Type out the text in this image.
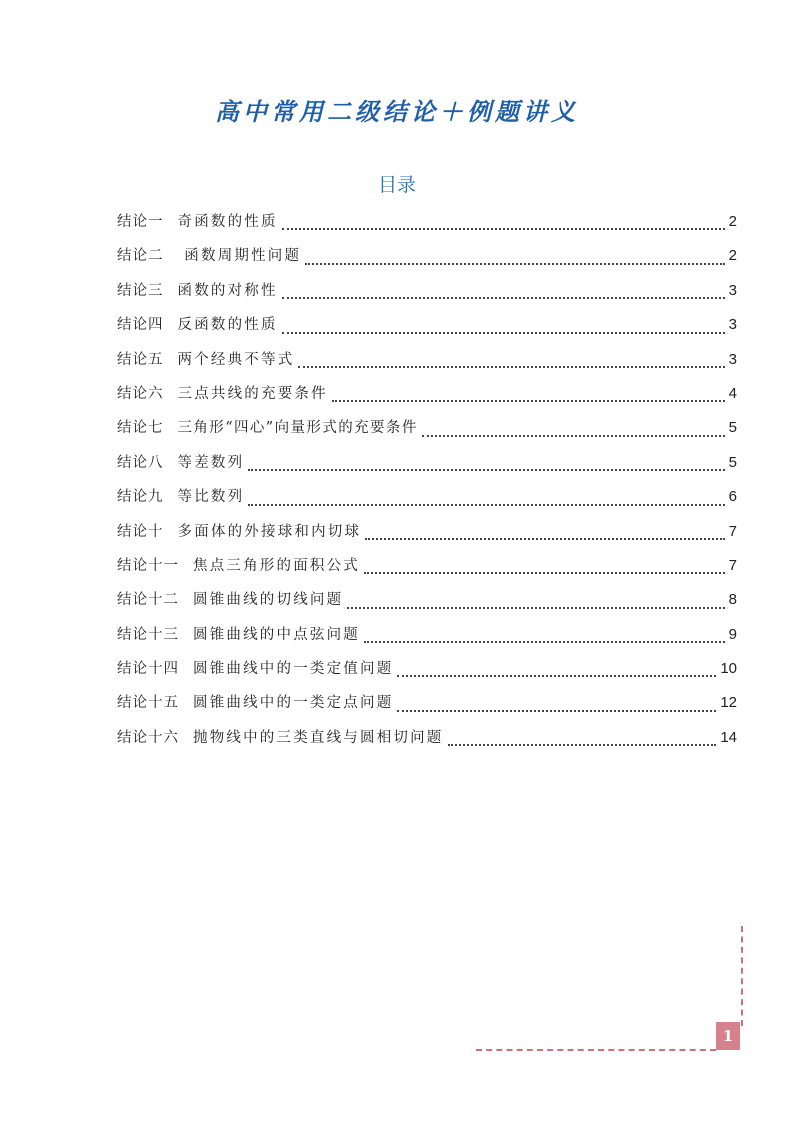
高中常用二级结论＋例题讲义
目录
结论一 奇函数的性质	2
结论二 函数周期性问题	2
结论三 函数的对称性	3
结论四 反函数的性质	3
结论五 两个经典不等式	3
结论六 三点共线的充要条件	4
结论七 三角形“四心”向量形式的充要条件	5
结论八 等差数列	5
结论九 等比数列	6
结论十 多面体的外接球和内切球	7
结论十一 焦点三角形的面积公式	7
结论十二 圆锥曲线的切线问题	8
结论十三 圆锥曲线的中点弦问题	9
结论十四 圆锥曲线中的一类定值问题	10
结论十五 圆锥曲线中的一类定点问题	12
结论十六 抛物线中的三类直线与圆相切问题	14
1
